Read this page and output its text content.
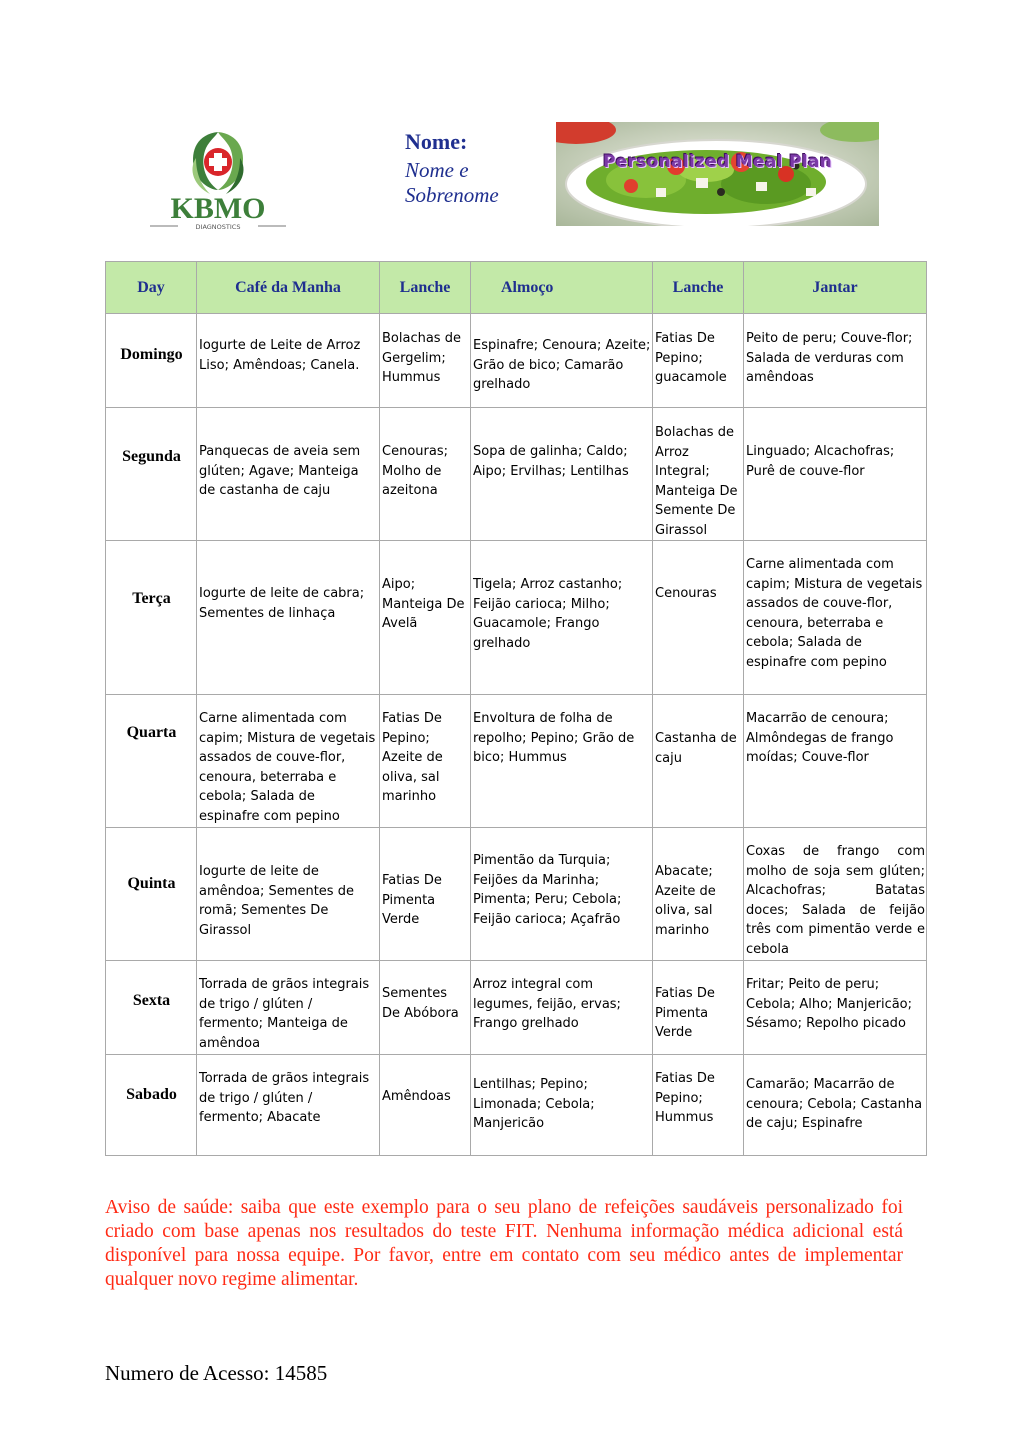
KBMO
DIAGNOSTICS
Nome:
Nome e
Sobrenome
Personalized Meal Plan
Day	Café da Manha	Lanche	Almoço	Lanche	Jantar
Domingo	Iogurte de Leite de Arroz Liso; Amêndoas; Canela.	Bolachas de Gergelim; Hummus	Espinafre; Cenoura; Azeite; Grão de bico; Camarão grelhado	Fatias De Pepino; guacamole	Peito de peru; Couve-flor; Salada de verduras com amêndoas
Segunda	Panquecas de aveia sem glúten; Agave; Manteiga de castanha de caju	Cenouras; Molho de azeitona	Sopa de galinha; Caldo; Aipo; Ervilhas; Lentilhas	Bolachas de Arroz Integral; Manteiga De Semente De Girassol	Linguado; Alcachofras; Purê de couve-flor
Terça	Iogurte de leite de cabra; Sementes de linhaça	Aipo; Manteiga De Avelã	Tigela; Arroz castanho; Feijão carioca; Milho; Guacamole; Frango grelhado	Cenouras	Carne alimentada com capim; Mistura de vegetais assados de couve-flor, cenoura, beterraba e cebola; Salada de espinafre com pepino
Quarta	Carne alimentada com capim; Mistura de vegetais assados de couve-flor, cenoura, beterraba e cebola; Salada de espinafre com pepino	Fatias De Pepino; Azeite de oliva, sal marinho	Envoltura de folha de repolho; Pepino; Grão de bico; Hummus	Castanha de caju	Macarrão de cenoura; Almôndegas de frango moídas; Couve-flor
Quinta	Iogurte de leite de amêndoa; Sementes de romã; Sementes De Girassol	Fatias De Pimenta Verde	Pimentão da Turquia; Feijões da Marinha; Pimenta; Peru; Cebola; Feijão carioca; Açafrão	Abacate; Azeite de oliva, sal marinho	Coxas de frango com molho de soja sem glúten; Alcachofras; Batatas doces; Salada de feijão três com pimentão verde e cebola
Sexta	Torrada de grãos integrais de trigo / glúten / fermento; Manteiga de amêndoa	Sementes De Abóbora	Arroz integral com legumes, feijão, ervas; Frango grelhado	Fatias De Pimenta Verde	Fritar; Peito de peru; Cebola; Alho; Manjericão; Sésamo; Repolho picado
Sabado	Torrada de grãos integrais de trigo / glúten / fermento; Abacate	Amêndoas	Lentilhas; Pepino; Limonada; Cebola; Manjericão	Fatias De Pepino; Hummus	Camarão; Macarrão de cenoura; Cebola; Castanha de caju; Espinafre
Aviso de saúde: saiba que este exemplo para o seu plano de refeições saudáveis personalizado foi criado com base apenas nos resultados do teste FIT. Nenhuma informação médica adicional está disponível para nossa equipe. Por favor, entre em contato com seu médico antes de implementar qualquer novo regime alimentar.
Numero de Acesso: 14585
